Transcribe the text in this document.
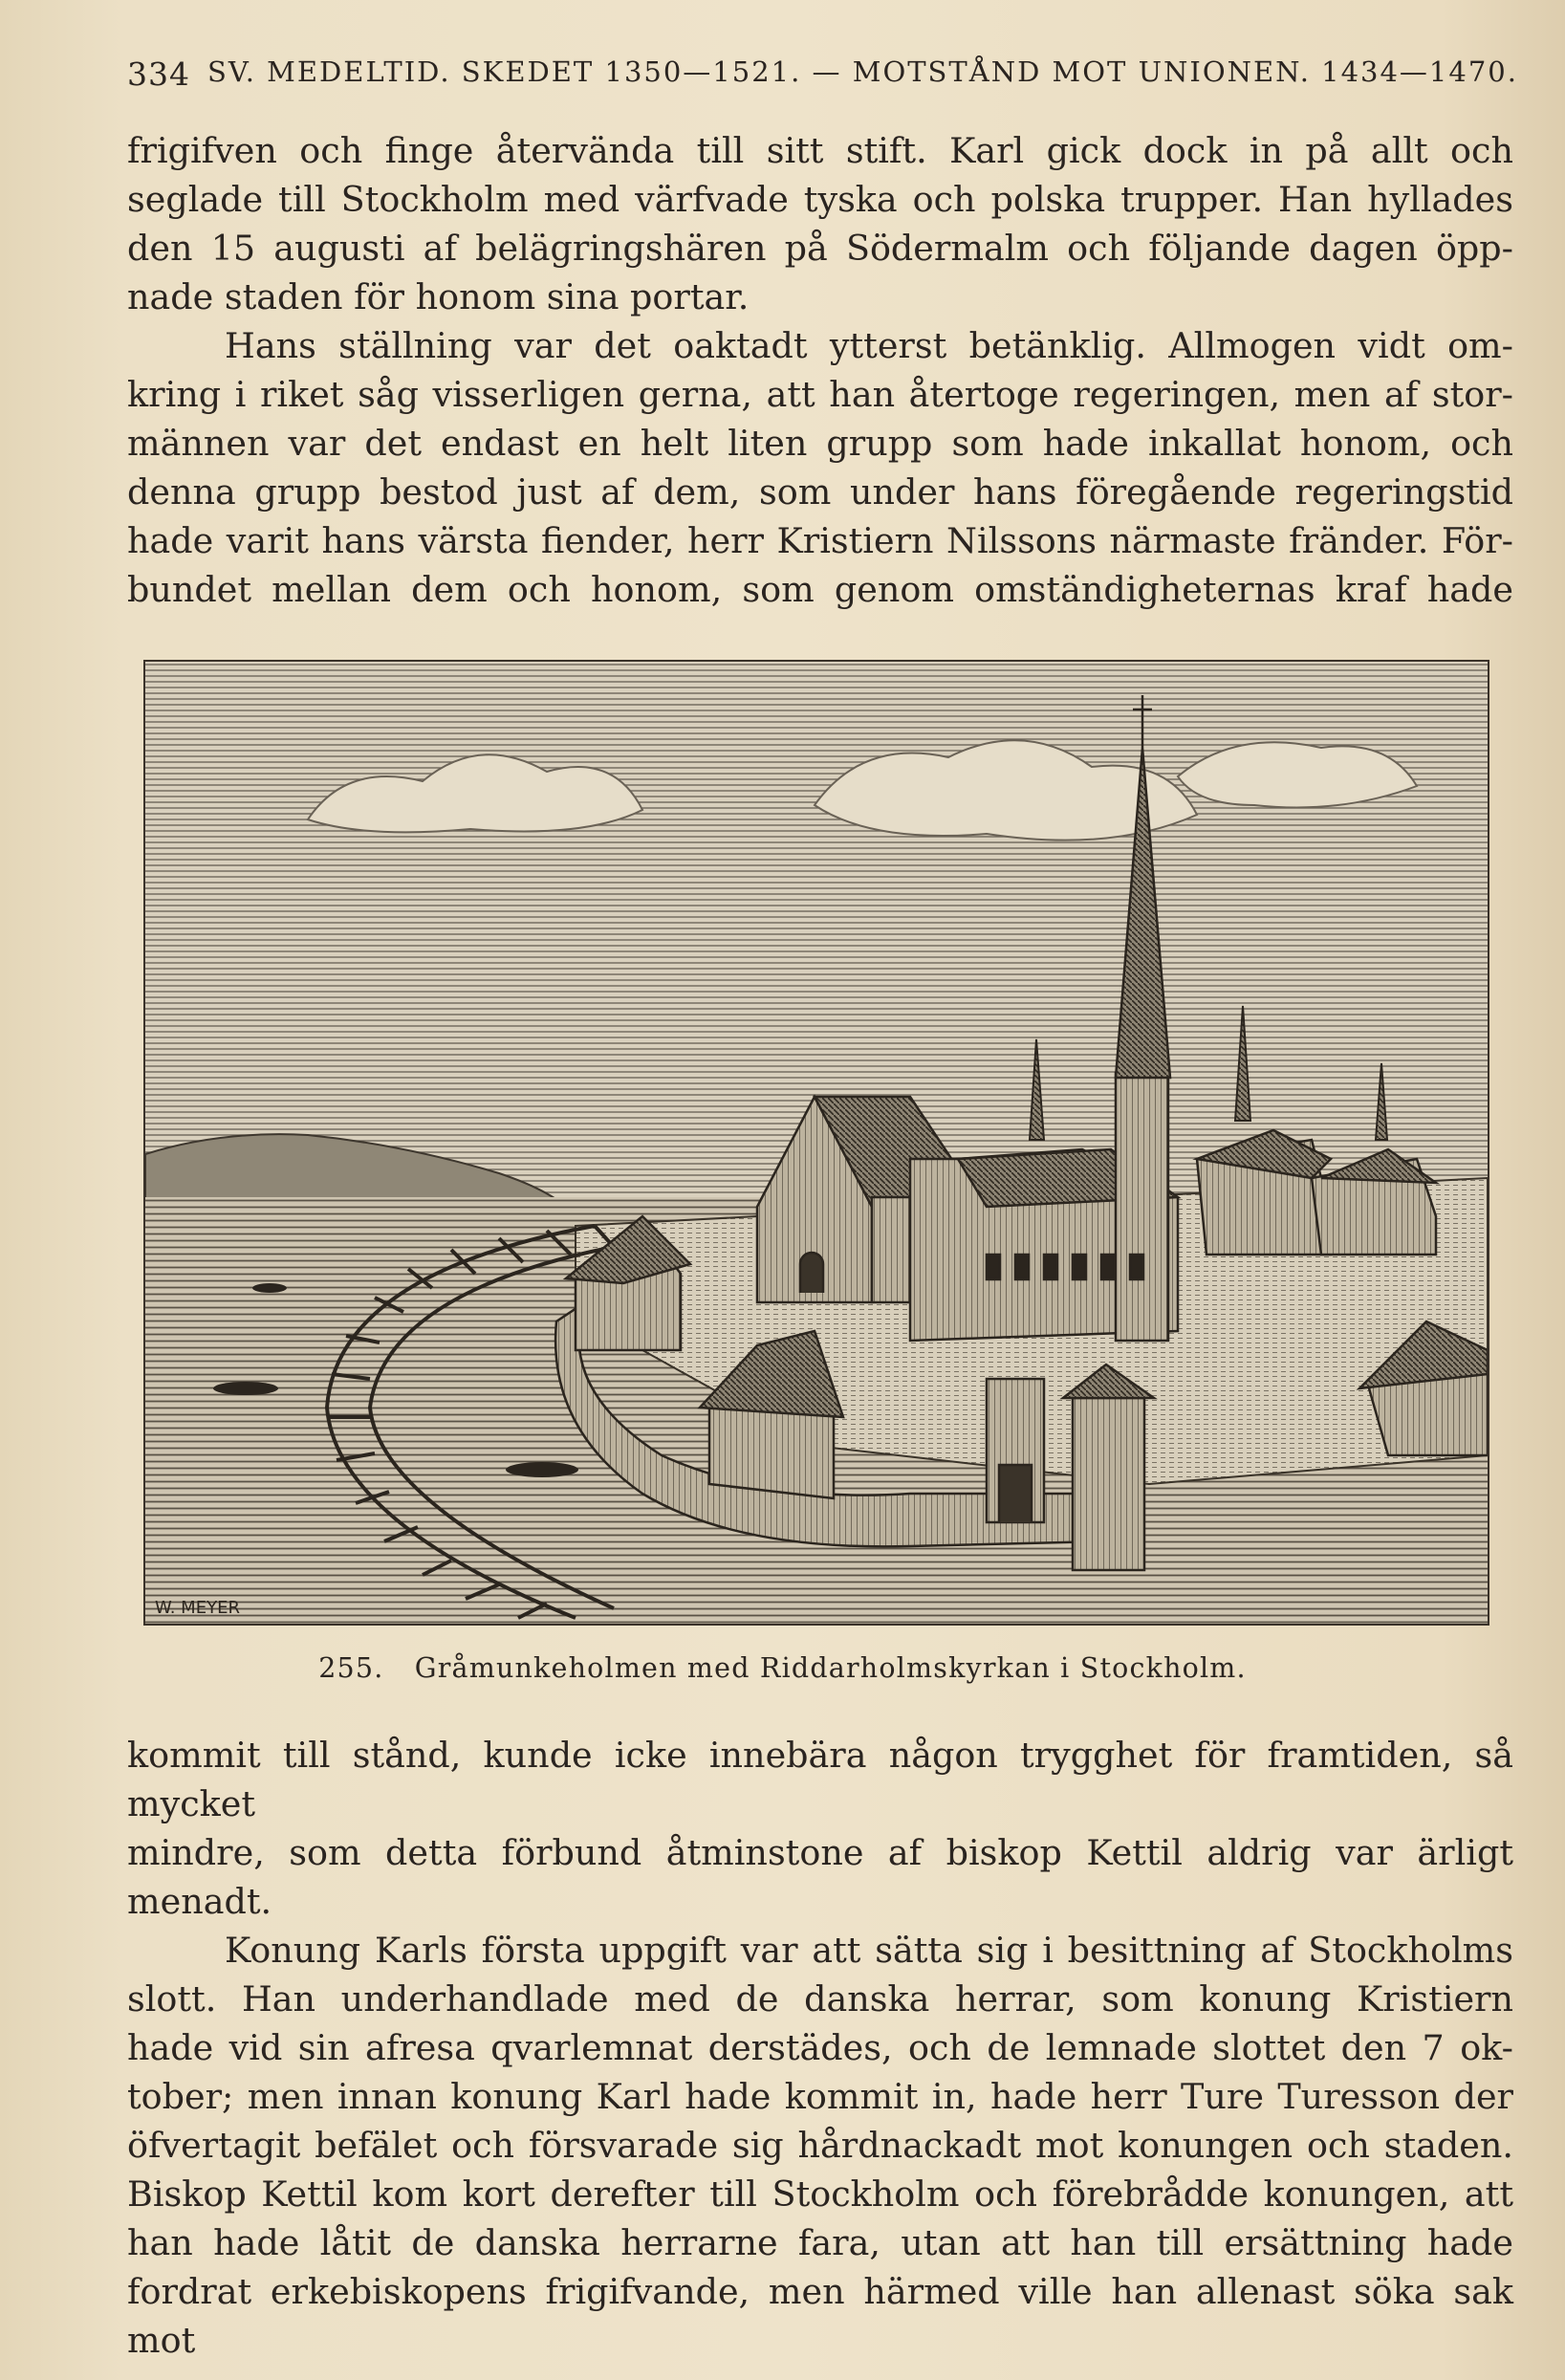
334 SV. MEDELTID. SKEDET 1350—1521. — MOTSTÅND MOT UNIONEN. 1434—1470.

frigifven och finge återvända till sitt stift. Karl gick dock in på allt och

seglade till Stockholm med värfvade tyska och polska trupper. Han hyllades

den 15 augusti af belägringshären på Södermalm och följande dagen öpp-

nade staden för honom sina portar.

Hans ställning var det oaktadt ytterst betänklig. Allmogen vidt om-

kring i riket såg visserligen gerna, att han återtoge regeringen, men af stor-

männen var det endast en helt liten grupp som hade inkallat honom, och

denna grupp bestod just af dem, som under hans föregående regeringstid

hade varit hans värsta fiender, herr Kristiern Nilssons närmaste fränder. För-

bundet mellan dem och honom, som genom omständigheternas kraf hade

W. MEYER
255. Gråmunkeholmen med Riddarholmskyrkan i Stockholm.

kommit till stånd, kunde icke innebära någon trygghet för framtiden, så mycket

mindre, som detta förbund åtminstone af biskop Kettil aldrig var ärligt

menadt.

Konung Karls första uppgift var att sätta sig i besittning af Stockholms

slott. Han underhandlade med de danska herrar, som konung Kristiern

hade vid sin afresa qvarlemnat derstädes, och de lemnade slottet den 7 ok-

tober; men innan konung Karl hade kommit in, hade herr Ture Turesson der

öfvertagit befälet och försvarade sig hårdnackadt mot konungen och staden.

Biskop Kettil kom kort derefter till Stockholm och förebrådde konungen, att

han hade låtit de danska herrarne fara, utan att han till ersättning hade

fordrat erkebiskopens frigifvande, men härmed ville han allenast söka sak mot
